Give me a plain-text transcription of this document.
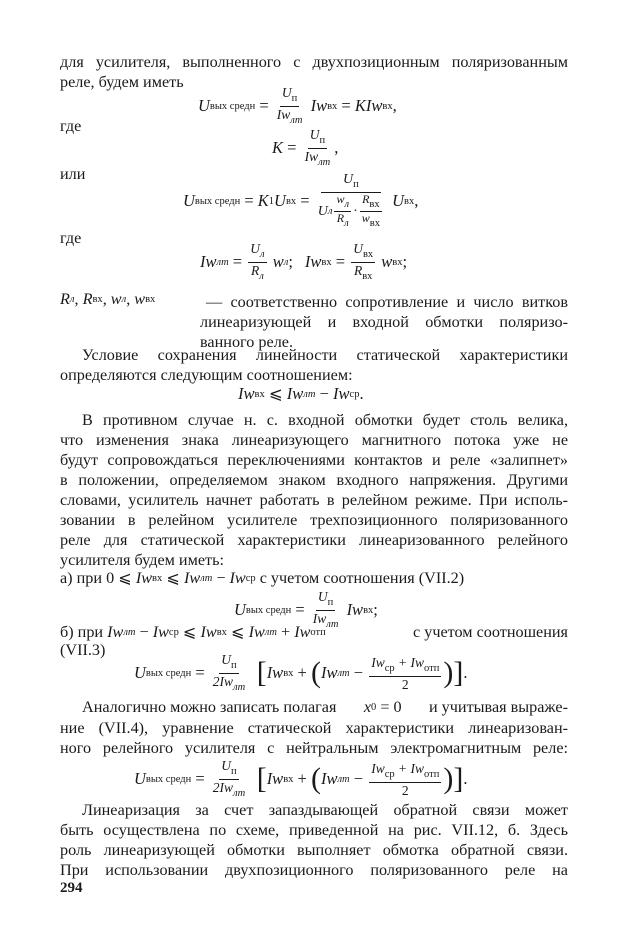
для усилителя, выполненного с двухпозиционным поляризованным
реле, будем иметь
U вых средн = $\frac{U_п}{Iw_{лт}}$ Iw вх = KIw вх ,
где
$K = \frac{U_п}{Iw_{лт}}$ ,
или
U вых средн = K 1 U вх = $\frac{U_п}{U л \frac{wл}{Rл} \cdot \frac{\text{Rвх}}{\text{wвх}}}$ U вх ,
где
Iw лт = $\frac{U_л}{R_л}$ w л ; Iw вх = $\frac{U_{вх}}{R_{вх}}$ w вх ;
R л , R вх , w л , w вх	— соответственно сопротивление и число витков
линеаризующей и входной обмотки поляризо-
ванного реле.
Условие сохранения линейности статической характеристики
определяются следующим соотношением:
Iw вх ⩽ Iw лт − Iw ср .
В противном случае н. с. входной обмотки будет столь велика,
что изменения знака линеаризующего магнитного потока уже не
будут сопровождаться переключениями контактов и реле «залипнет»
в положении, определяемом знаком входного напряжения. Другими
словами, усилитель начнет работать в релейном режиме. При исполь-
зовании в релейном усилителе трехпозиционного поляризованного
реле для статической характеристики линеаризованного релейного
усилителя будем иметь:
а) при 0 ⩽ Iw вх ⩽ Iw лт − Iw ср
с учетом соотношения (VII.2)
U вых средн = $\frac{U_п}{Iw_{лт}}$ Iw вх ;
б) при Iw лт − Iw ср ⩽ Iw вх ⩽ Iw лт + Iw отп	с учетом соотношения
(VII.3)
U вых средн = $\frac{U_п}{2Iw_{лт}}$ [ Iw вх + ( Iw лт − $\frac{Iw_{ср} + Iw_{отп}}{2}$ ) ] .
Аналогично можно записать полагая x 0 = 0 и учитывая выраже-
ние (VII.4), уравнение статической характеристики линеаризован-
ного релейного усилителя с нейтральным электромагнитным реле:
U вых средн = $\frac{U_п}{2Iw_{лт}}$ [ Iw вх + ( Iw лт − $\frac{Iw_{ср} + Iw_{отп}}{2}$ ) ] .
Линеаризация за счет запаздывающей обратной связи может
быть осуществлена по схеме, приведенной на рис. VII.12, б. Здесь
роль линеаризующей обмотки выполняет обмотка обратной связи.
При использовании двухпозиционного поляризованного реле на
294
